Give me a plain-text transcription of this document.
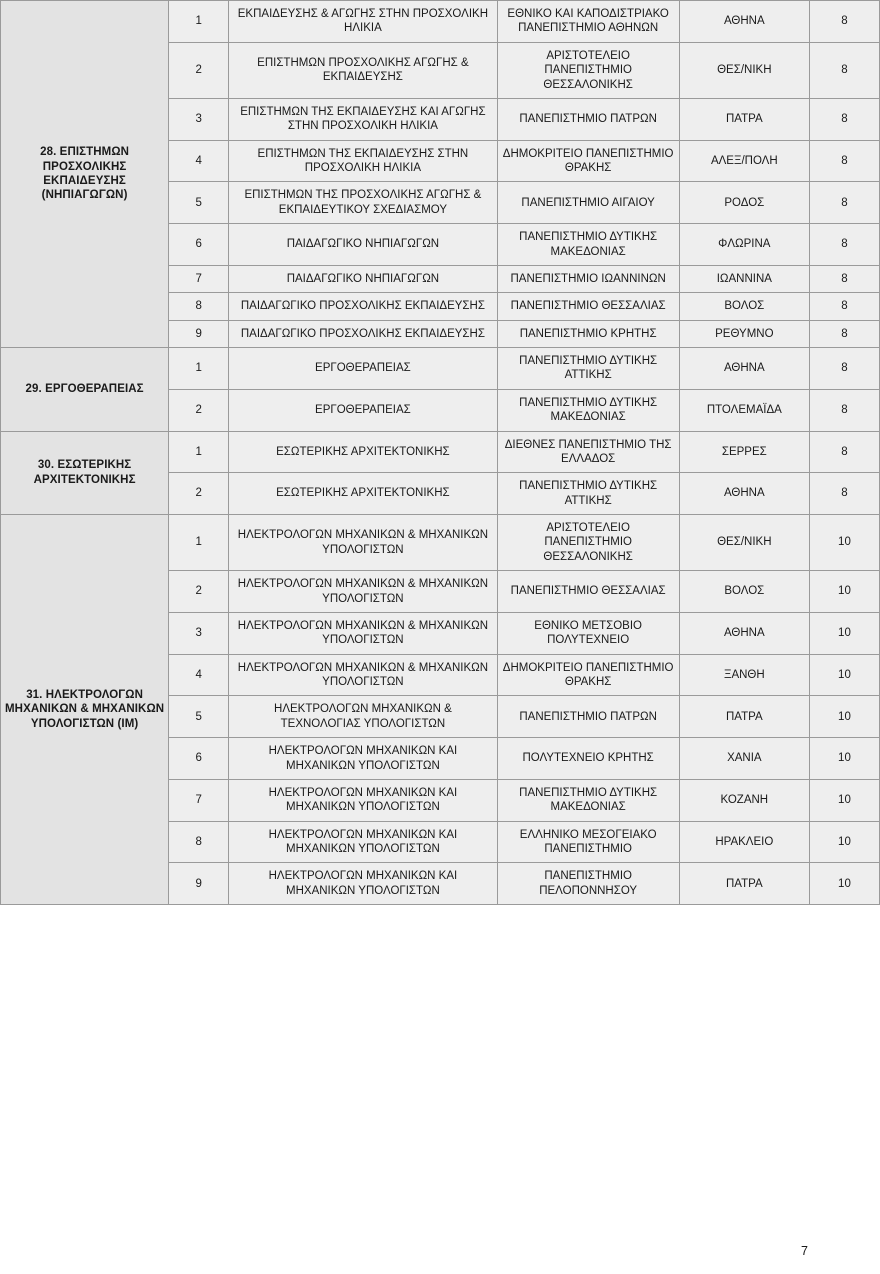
28. ΕΠΙΣΤΗΜΩΝ ΠΡΟΣΧΟΛΙΚΗΣ ΕΚΠΑΙΔΕΥΣΗΣ (ΝΗΠΙΑΓΩΓΩΝ)	1	ΕΚΠΑΙΔΕΥΣΗΣ & ΑΓΩΓΗΣ ΣΤΗΝ ΠΡΟΣΧΟΛΙΚΗ ΗΛΙΚΙΑ	ΕΘΝΙΚΟ ΚΑΙ ΚΑΠΟΔΙΣΤΡΙΑΚΟ ΠΑΝΕΠΙΣΤΗΜΙΟ ΑΘΗΝΩΝ	ΑΘΗΝΑ	8
	2	ΕΠΙΣΤΗΜΩΝ ΠΡΟΣΧΟΛΙΚΗΣ ΑΓΩΓΗΣ & ΕΚΠΑΙΔΕΥΣΗΣ	ΑΡΙΣΤΟΤΕΛΕΙΟ ΠΑΝΕΠΙΣΤΗΜΙΟ ΘΕΣΣΑΛΟΝΙΚΗΣ	ΘΕΣ/ΝΙΚΗ	8
	3	ΕΠΙΣΤΗΜΩΝ ΤΗΣ ΕΚΠΑΙΔΕΥΣΗΣ ΚΑΙ ΑΓΩΓΗΣ ΣΤΗΝ ΠΡΟΣΧΟΛΙΚΗ ΗΛΙΚΙΑ	ΠΑΝΕΠΙΣΤΗΜΙΟ ΠΑΤΡΩΝ	ΠΑΤΡΑ	8
	4	ΕΠΙΣΤΗΜΩΝ ΤΗΣ ΕΚΠΑΙΔΕΥΣΗΣ ΣΤΗΝ ΠΡΟΣΧΟΛΙΚΗ ΗΛΙΚΙΑ	ΔΗΜΟΚΡΙΤΕΙΟ ΠΑΝΕΠΙΣΤΗΜΙΟ ΘΡΑΚΗΣ	ΑΛΕΞ/ΠΟΛΗ	8
	5	ΕΠΙΣΤΗΜΩΝ ΤΗΣ ΠΡΟΣΧΟΛΙΚΗΣ ΑΓΩΓΗΣ & ΕΚΠΑΙΔΕΥΤΙΚΟΥ ΣΧΕΔΙΑΣΜΟΥ	ΠΑΝΕΠΙΣΤΗΜΙΟ ΑΙΓΑΙΟΥ	ΡΟΔΟΣ	8
	6	ΠΑΙΔΑΓΩΓΙΚΟ ΝΗΠΙΑΓΩΓΩΝ	ΠΑΝΕΠΙΣΤΗΜΙΟ ΔΥΤΙΚΗΣ ΜΑΚΕΔΟΝΙΑΣ	ΦΛΩΡΙΝΑ	8
	7	ΠΑΙΔΑΓΩΓΙΚΟ ΝΗΠΙΑΓΩΓΩΝ	ΠΑΝΕΠΙΣΤΗΜΙΟ ΙΩΑΝΝΙΝΩΝ	ΙΩΑΝΝΙΝΑ	8
	8	ΠΑΙΔΑΓΩΓΙΚΟ ΠΡΟΣΧΟΛΙΚΗΣ ΕΚΠΑΙΔΕΥΣΗΣ	ΠΑΝΕΠΙΣΤΗΜΙΟ ΘΕΣΣΑΛΙΑΣ	ΒΟΛΟΣ	8
	9	ΠΑΙΔΑΓΩΓΙΚΟ ΠΡΟΣΧΟΛΙΚΗΣ ΕΚΠΑΙΔΕΥΣΗΣ	ΠΑΝΕΠΙΣΤΗΜΙΟ ΚΡΗΤΗΣ	ΡΕΘΥΜΝΟ	8
29. ΕΡΓΟΘΕΡΑΠΕΙΑΣ	1	ΕΡΓΟΘΕΡΑΠΕΙΑΣ	ΠΑΝΕΠΙΣΤΗΜΙΟ ΔΥΤΙΚΗΣ ΑΤΤΙΚΗΣ	ΑΘΗΝΑ	8
	2	ΕΡΓΟΘΕΡΑΠΕΙΑΣ	ΠΑΝΕΠΙΣΤΗΜΙΟ ΔΥΤΙΚΗΣ ΜΑΚΕΔΟΝΙΑΣ	ΠΤΟΛΕΜΑΪΔΑ	8
30. ΕΣΩΤΕΡΙΚΗΣ ΑΡΧΙΤΕΚΤΟΝΙΚΗΣ	1	ΕΣΩΤΕΡΙΚΗΣ ΑΡΧΙΤΕΚΤΟΝΙΚΗΣ	ΔΙΕΘΝΕΣ ΠΑΝΕΠΙΣΤΗΜΙΟ ΤΗΣ ΕΛΛΑΔΟΣ	ΣΕΡΡΕΣ	8
	2	ΕΣΩΤΕΡΙΚΗΣ ΑΡΧΙΤΕΚΤΟΝΙΚΗΣ	ΠΑΝΕΠΙΣΤΗΜΙΟ ΔΥΤΙΚΗΣ ΑΤΤΙΚΗΣ	ΑΘΗΝΑ	8
31. ΗΛΕΚΤΡΟΛΟΓΩΝ ΜΗΧΑΝΙΚΩΝ & ΜΗΧΑΝΙΚΩΝ ΥΠΟΛΟΓΙΣΤΩΝ (ΙΜ)	1	ΗΛΕΚΤΡΟΛΟΓΩΝ ΜΗΧΑΝΙΚΩΝ & ΜΗΧΑΝΙΚΩΝ ΥΠΟΛΟΓΙΣΤΩΝ	ΑΡΙΣΤΟΤΕΛΕΙΟ ΠΑΝΕΠΙΣΤΗΜΙΟ ΘΕΣΣΑΛΟΝΙΚΗΣ	ΘΕΣ/ΝΙΚΗ	10
	2	ΗΛΕΚΤΡΟΛΟΓΩΝ ΜΗΧΑΝΙΚΩΝ & ΜΗΧΑΝΙΚΩΝ ΥΠΟΛΟΓΙΣΤΩΝ	ΠΑΝΕΠΙΣΤΗΜΙΟ ΘΕΣΣΑΛΙΑΣ	ΒΟΛΟΣ	10
	3	ΗΛΕΚΤΡΟΛΟΓΩΝ ΜΗΧΑΝΙΚΩΝ & ΜΗΧΑΝΙΚΩΝ ΥΠΟΛΟΓΙΣΤΩΝ	ΕΘΝΙΚΟ ΜΕΤΣΟΒΙΟ ΠΟΛΥΤΕΧΝΕΙΟ	ΑΘΗΝΑ	10
	4	ΗΛΕΚΤΡΟΛΟΓΩΝ ΜΗΧΑΝΙΚΩΝ & ΜΗΧΑΝΙΚΩΝ ΥΠΟΛΟΓΙΣΤΩΝ	ΔΗΜΟΚΡΙΤΕΙΟ ΠΑΝΕΠΙΣΤΗΜΙΟ ΘΡΑΚΗΣ	ΞΑΝΘΗ	10
	5	ΗΛΕΚΤΡΟΛΟΓΩΝ ΜΗΧΑΝΙΚΩΝ & ΤΕΧΝΟΛΟΓΙΑΣ ΥΠΟΛΟΓΙΣΤΩΝ	ΠΑΝΕΠΙΣΤΗΜΙΟ ΠΑΤΡΩΝ	ΠΑΤΡΑ	10
	6	ΗΛΕΚΤΡΟΛΟΓΩΝ ΜΗΧΑΝΙΚΩΝ ΚΑΙ ΜΗΧΑΝΙΚΩΝ ΥΠΟΛΟΓΙΣΤΩΝ	ΠΟΛΥΤΕΧΝΕΙΟ ΚΡΗΤΗΣ	ΧΑΝΙΑ	10
	7	ΗΛΕΚΤΡΟΛΟΓΩΝ ΜΗΧΑΝΙΚΩΝ ΚΑΙ ΜΗΧΑΝΙΚΩΝ ΥΠΟΛΟΓΙΣΤΩΝ	ΠΑΝΕΠΙΣΤΗΜΙΟ ΔΥΤΙΚΗΣ ΜΑΚΕΔΟΝΙΑΣ	ΚΟΖΑΝΗ	10
	8	ΗΛΕΚΤΡΟΛΟΓΩΝ ΜΗΧΑΝΙΚΩΝ ΚΑΙ ΜΗΧΑΝΙΚΩΝ ΥΠΟΛΟΓΙΣΤΩΝ	ΕΛΛΗΝΙΚΟ ΜΕΣΟΓΕΙΑΚΟ ΠΑΝΕΠΙΣΤΗΜΙΟ	ΗΡΑΚΛΕΙΟ	10
	9	ΗΛΕΚΤΡΟΛΟΓΩΝ ΜΗΧΑΝΙΚΩΝ ΚΑΙ ΜΗΧΑΝΙΚΩΝ ΥΠΟΛΟΓΙΣΤΩΝ	ΠΑΝΕΠΙΣΤΗΜΙΟ ΠΕΛΟΠΟΝΝΗΣΟΥ	ΠΑΤΡΑ	10
7
